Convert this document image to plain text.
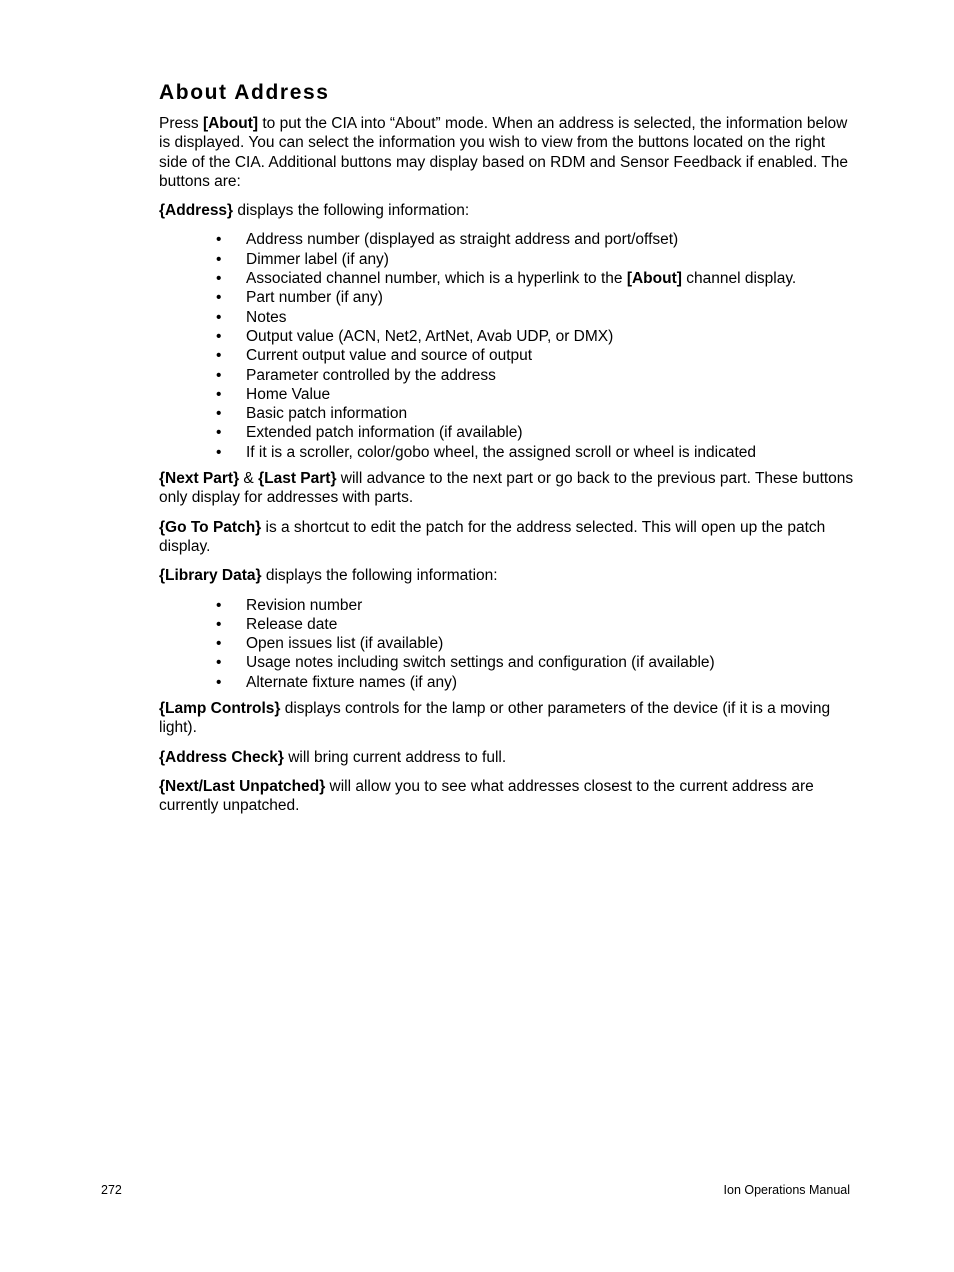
About Address

Press [About] to put the CIA into “About” mode. When an address is selected, the information below is displayed. You can select the information you wish to view from the buttons located on the right side of the CIA. Additional buttons may display based on RDM and Sensor Feedback if enabled. The buttons are:

{Address} displays the following information:

• Address number (displayed as straight address and port/offset)
• Dimmer label (if any)
• Associated channel number, which is a hyperlink to the [About] channel display.
• Part number (if any)
• Notes
• Output value (ACN, Net2, ArtNet, Avab UDP, or DMX)
• Current output value and source of output
• Parameter controlled by the address
• Home Value
• Basic patch information
• Extended patch information (if available)
• If it is a scroller, color/gobo wheel, the assigned scroll or wheel is indicated

{Next Part} & {Last Part} will advance to the next part or go back to the previous part. These buttons only display for addresses with parts.

{Go To Patch} is a shortcut to edit the patch for the address selected. This will open up the patch display.

{Library Data} displays the following information:

• Revision number
• Release date
• Open issues list (if available)
• Usage notes including switch settings and configuration (if available)
• Alternate fixture names (if any)

{Lamp Controls} displays controls for the lamp or other parameters of the device (if it is a moving light).

{Address Check} will bring current address to full.

{Next/Last Unpatched} will allow you to see what addresses closest to the current address are currently unpatched.

272	Ion Operations Manual
